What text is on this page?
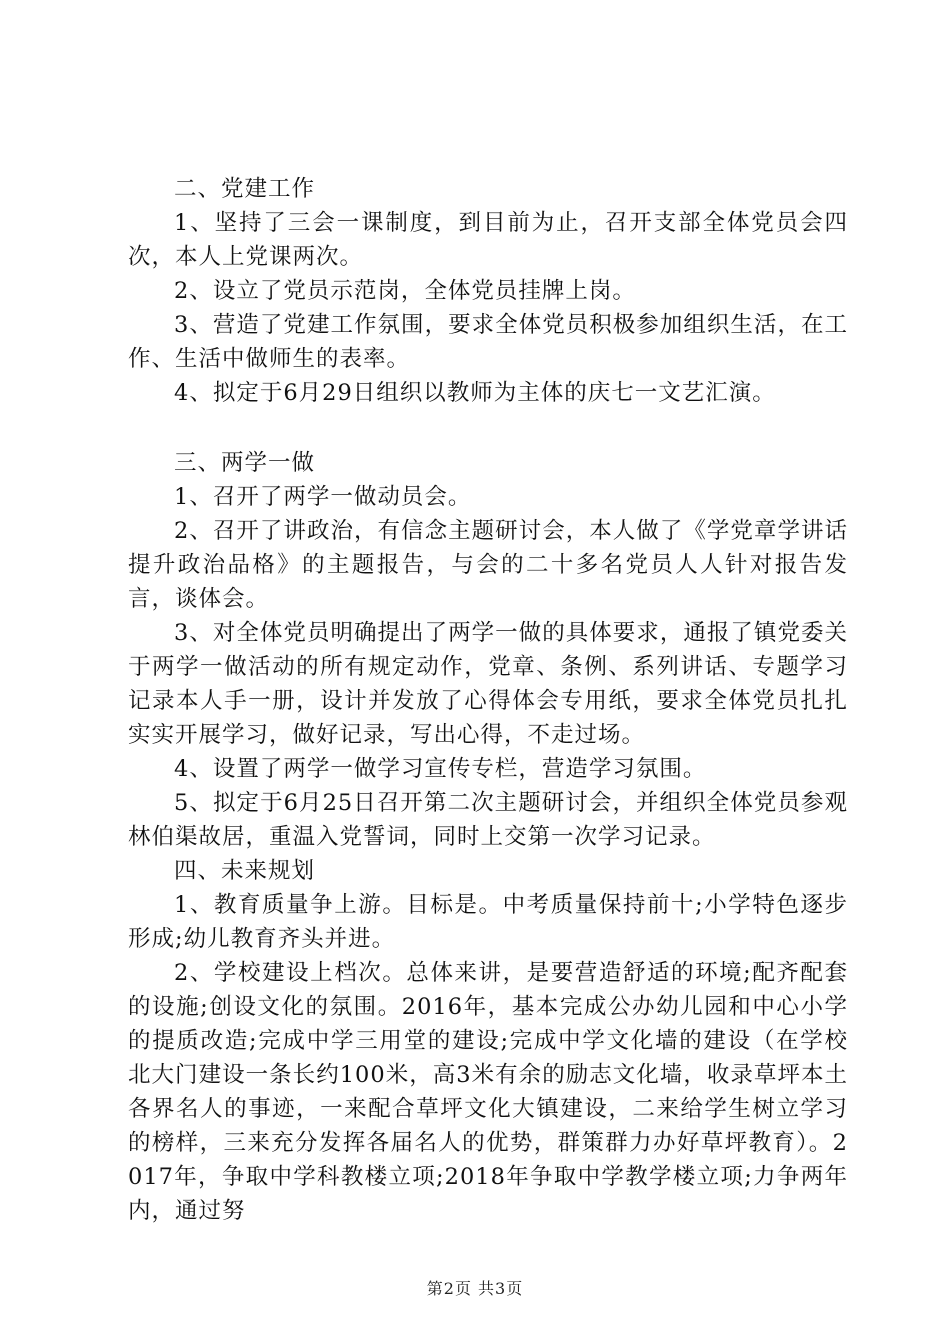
二、党建工作

1、坚持了三会一课制度，到目前为止，召开支部全体党员会四次，本人上党课两次。

2、设立了党员示范岗，全体党员挂牌上岗。

3、营造了党建工作氛围，要求全体党员积极参加组织生活，在工作、生活中做师生的表率。

4、拟定于6月29日组织以教师为主体的庆七一文艺汇演。

三、两学一做

1、召开了两学一做动员会。

2、召开了讲政治，有信念主题研讨会，本人做了《学党章学讲话提升政治品格》的主题报告，与会的二十多名党员人人针对报告发言，谈体会。

3、对全体党员明确提出了两学一做的具体要求，通报了镇党委关于两学一做活动的所有规定动作，党章、条例、系列讲话、专题学习记录本人手一册，设计并发放了心得体会专用纸，要求全体党员扎扎实实开展学习，做好记录，写出心得，不走过场。

4、设置了两学一做学习宣传专栏，营造学习氛围。

5、拟定于6月25日召开第二次主题研讨会，并组织全体党员参观林伯渠故居，重温入党誓词，同时上交第一次学习记录。

四、未来规划

1、教育质量争上游。目标是。中考质量保持前十;小学特色逐步形成;幼儿教育齐头并进。

2、学校建设上档次。总体来讲，是要营造舒适的环境;配齐配套的设施;创设文化的氛围。2016年，基本完成公办幼儿园和中心小学的提质改造;完成中学三用堂的建设;完成中学文化墙的建设（在学校北大门建设一条长约100米，高3米有余的励志文化墙，收录草坪本土各界名人的事迹，一来配合草坪文化大镇建设，二来给学生树立学习的榜样，三来充分发挥各届名人的优势，群策群力办好草坪教育）。2017年，争取中学科教楼立项;2018年争取中学教学楼立项;力争两年内，通过努

第2页 共3页
